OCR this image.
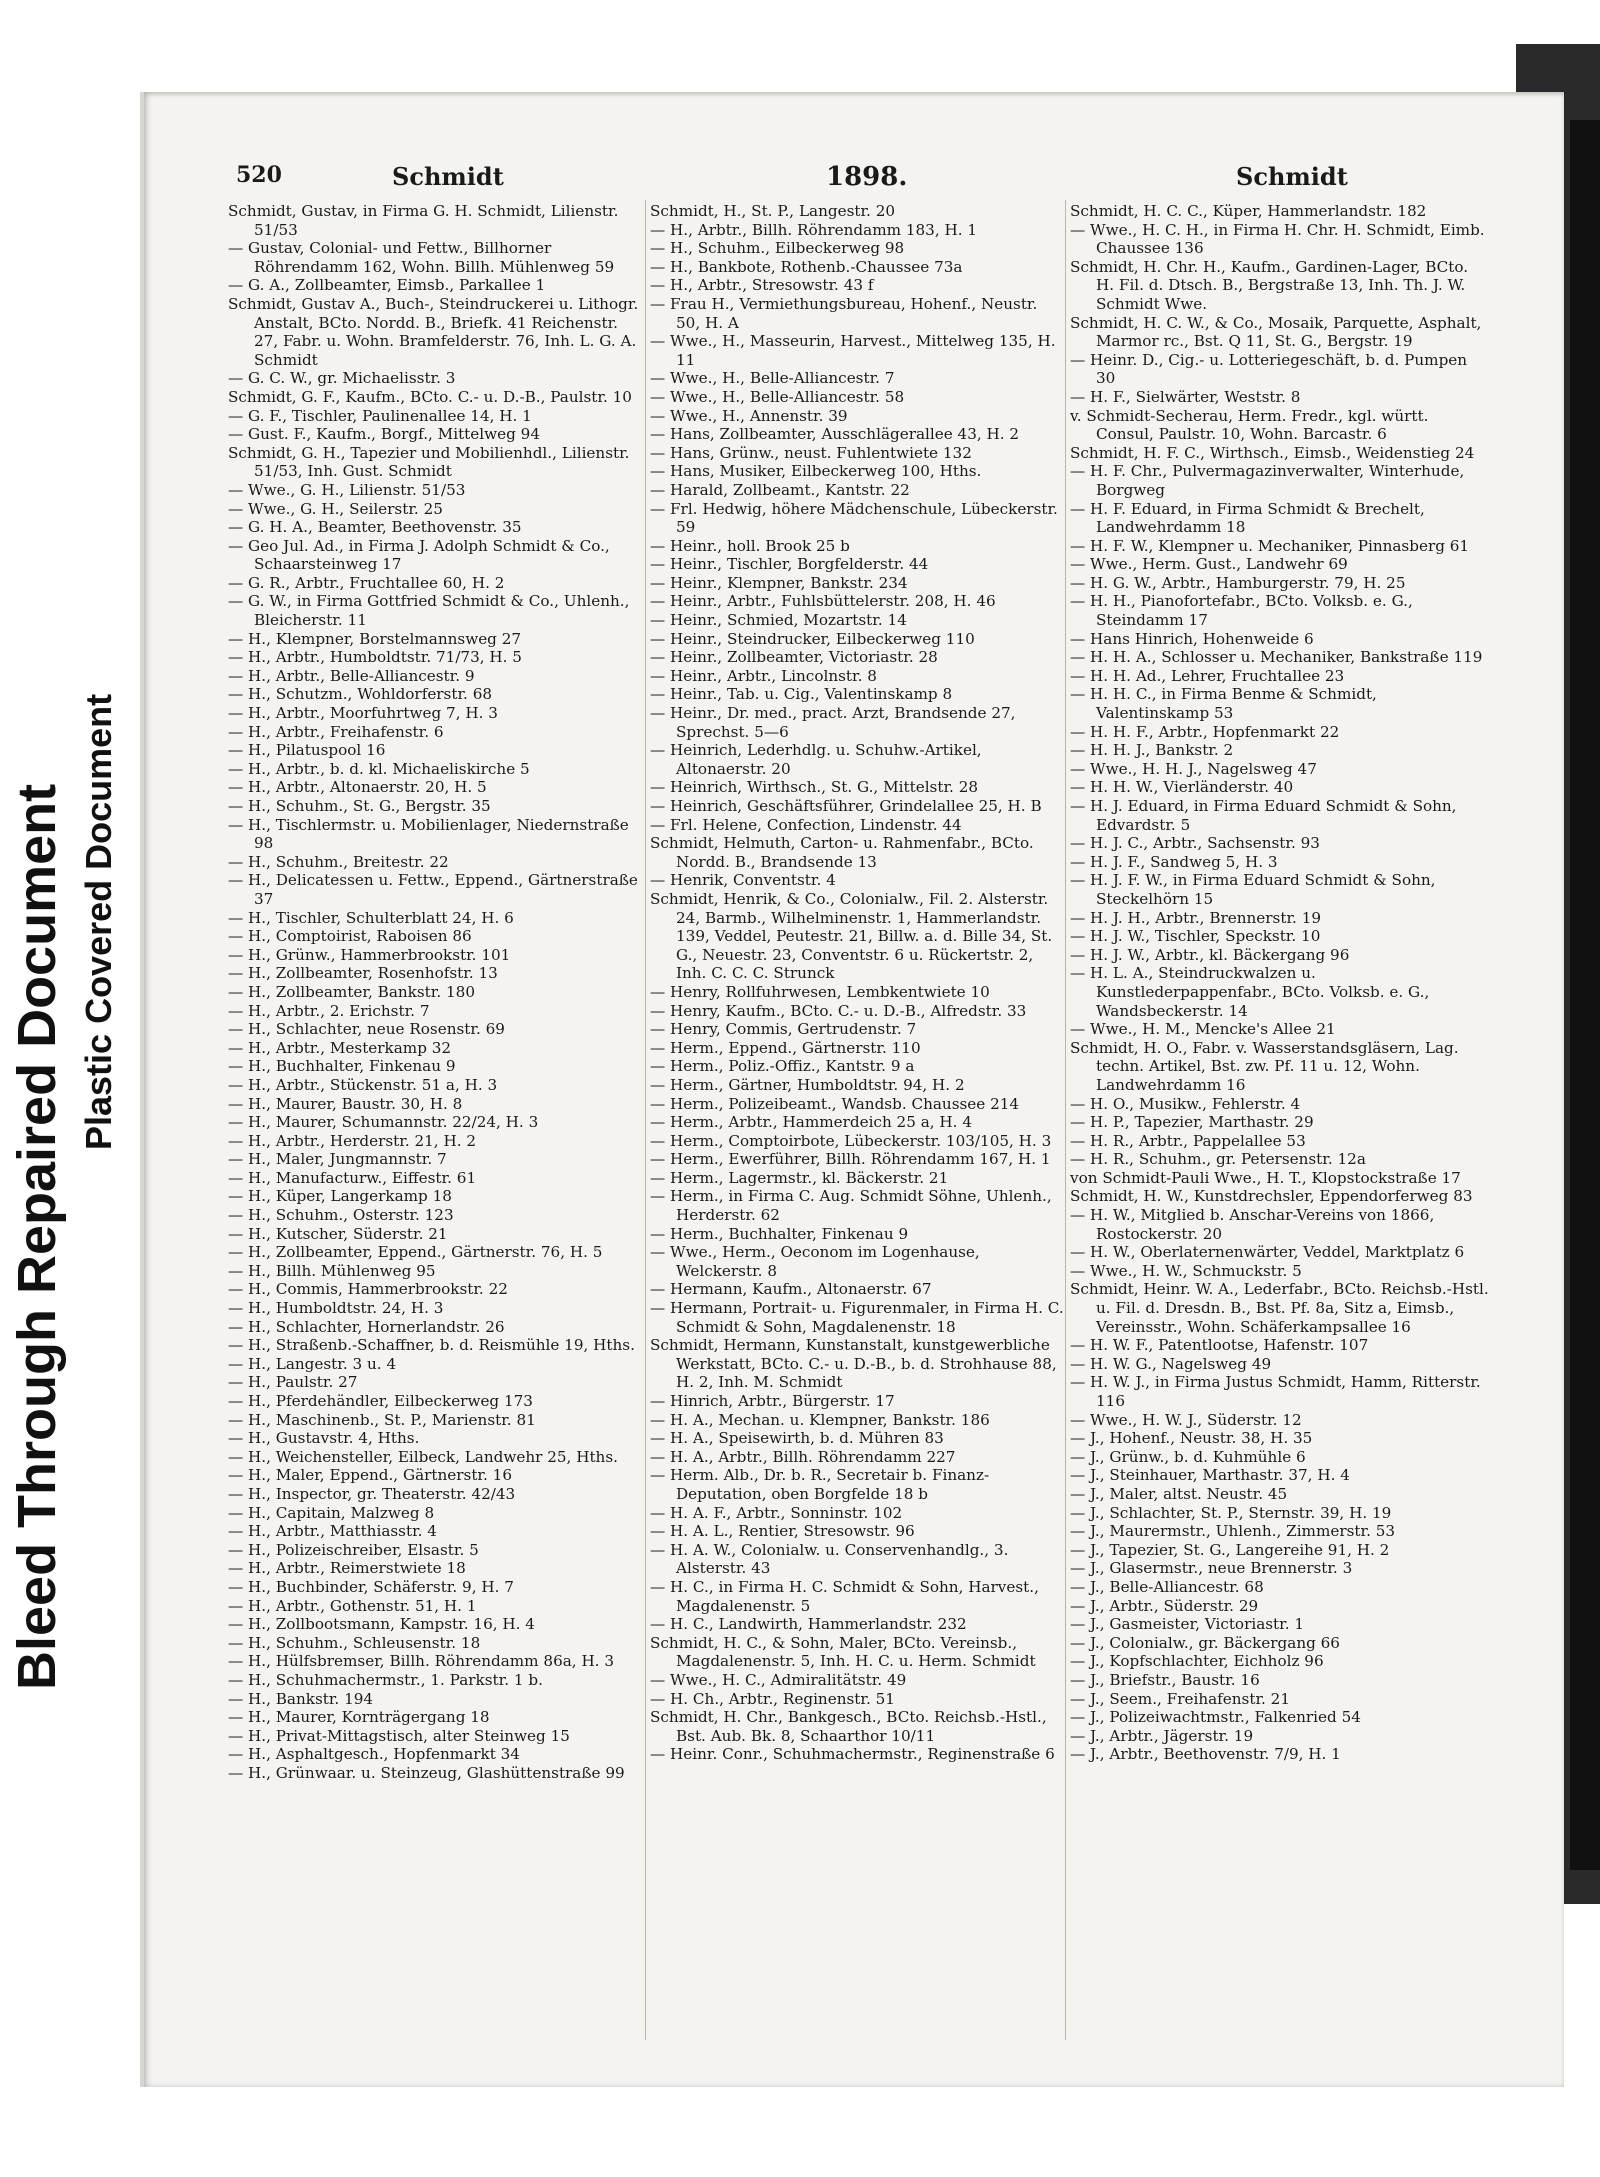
Bleed Through Repaired Document Plastic Covered Document
520	Schmidt	1898.	Schmidt

Schmidt, Gustav, in Firma G. H. Schmidt, Lilienstr. 51/53

— Gustav, Colonial- und Fettw., Billhorner Röhrendamm 162, Wohn. Billh. Mühlenweg 59

— G. A., Zollbeamter, Eimsb., Parkallee 1

Schmidt, Gustav A., Buch-, Steindruckerei u. Lithogr. Anstalt, BCto. Nordd. B., Briefk. 41 Reichenstr. 27, Fabr. u. Wohn. Bramfelderstr. 76, Inh. L. G. A. Schmidt

— G. C. W., gr. Michaelisstr. 3

Schmidt, G. F., Kaufm., BCto. C.- u. D.-B., Paulstr. 10

— G. F., Tischler, Paulinenallee 14, H. 1

— Gust. F., Kaufm., Borgf., Mittelweg 94

Schmidt, G. H., Tapezier und Mobilienhdl., Lilienstr. 51/53, Inh. Gust. Schmidt

— Wwe., G. H., Lilienstr. 51/53

— Wwe., G. H., Seilerstr. 25

— G. H. A., Beamter, Beethovenstr. 35

— Geo Jul. Ad., in Firma J. Adolph Schmidt & Co., Schaarsteinweg 17

— G. R., Arbtr., Fruchtallee 60, H. 2

— G. W., in Firma Gottfried Schmidt & Co., Uhlenh., Bleicherstr. 11

— H., Klempner, Borstelmannsweg 27

— H., Arbtr., Humboldtstr. 71/73, H. 5

— H., Arbtr., Belle-Alliancestr. 9

— H., Schutzm., Wohldorferstr. 68

— H., Arbtr., Moorfuhrtweg 7, H. 3

— H., Arbtr., Freihafenstr. 6

— H., Pilatuspool 16

— H., Arbtr., b. d. kl. Michaeliskirche 5

— H., Arbtr., Altonaerstr. 20, H. 5

— H., Schuhm., St. G., Bergstr. 35

— H., Tischlermstr. u. Mobilienlager, Niedernstraße 98

— H., Schuhm., Breitestr. 22

— H., Delicatessen u. Fettw., Eppend., Gärtnerstraße 37

— H., Tischler, Schulterblatt 24, H. 6

— H., Comptoirist, Raboisen 86

— H., Grünw., Hammerbrookstr. 101

— H., Zollbeamter, Rosenhofstr. 13

— H., Zollbeamter, Bankstr. 180

— H., Arbtr., 2. Erichstr. 7

— H., Schlachter, neue Rosenstr. 69

— H., Arbtr., Mesterkamp 32

— H., Buchhalter, Finkenau 9

— H., Arbtr., Stückenstr. 51 a, H. 3

— H., Maurer, Baustr. 30, H. 8

— H., Maurer, Schumannstr. 22/24, H. 3

— H., Arbtr., Herderstr. 21, H. 2

— H., Maler, Jungmannstr. 7

— H., Manufacturw., Eiffestr. 61

— H., Küper, Langerkamp 18

— H., Schuhm., Osterstr. 123

— H., Kutscher, Süderstr. 21

— H., Zollbeamter, Eppend., Gärtnerstr. 76, H. 5

— H., Billh. Mühlenweg 95

— H., Commis, Hammerbrookstr. 22

— H., Humboldtstr. 24, H. 3

— H., Schlachter, Hornerlandstr. 26

— H., Straßenb.-Schaffner, b. d. Reismühle 19, Hths.

— H., Langestr. 3 u. 4

— H., Paulstr. 27

— H., Pferdehändler, Eilbeckerweg 173

— H., Maschinenb., St. P., Marienstr. 81

— H., Gustavstr. 4, Hths.

— H., Weichensteller, Eilbeck, Landwehr 25, Hths.

— H., Maler, Eppend., Gärtnerstr. 16

— H., Inspector, gr. Theaterstr. 42/43

— H., Capitain, Malzweg 8

— H., Arbtr., Matthiasstr. 4

— H., Polizeischreiber, Elsastr. 5

— H., Arbtr., Reimerstwiete 18

— H., Buchbinder, Schäferstr. 9, H. 7

— H., Arbtr., Gothenstr. 51, H. 1

— H., Zollbootsmann, Kampstr. 16, H. 4

— H., Schuhm., Schleusenstr. 18

— H., Hülfsbremser, Billh. Röhrendamm 86a, H. 3

— H., Schuhmachermstr., 1. Parkstr. 1 b.

— H., Bankstr. 194

— H., Maurer, Kornträgergang 18

— H., Privat-Mittagstisch, alter Steinweg 15

— H., Asphaltgesch., Hopfenmarkt 34

— H., Grünwaar. u. Steinzeug, Glashüttenstraße 99

Schmidt, H., St. P., Langestr. 20

— H., Arbtr., Billh. Röhrendamm 183, H. 1

— H., Schuhm., Eilbeckerweg 98

— H., Bankbote, Rothenb.-Chaussee 73a

— H., Arbtr., Stresowstr. 43 f

— Frau H., Vermiethungsbureau, Hohenf., Neustr. 50, H. A

— Wwe., H., Masseurin, Harvest., Mittelweg 135, H. 11

— Wwe., H., Belle-Alliancestr. 7

— Wwe., H., Belle-Alliancestr. 58

— Wwe., H., Annenstr. 39

— Hans, Zollbeamter, Ausschlägerallee 43, H. 2

— Hans, Grünw., neust. Fuhlentwiete 132

— Hans, Musiker, Eilbeckerweg 100, Hths.

— Harald, Zollbeamt., Kantstr. 22

— Frl. Hedwig, höhere Mädchenschule, Lübeckerstr. 59

— Heinr., holl. Brook 25 b

— Heinr., Tischler, Borgfelderstr. 44

— Heinr., Klempner, Bankstr. 234

— Heinr., Arbtr., Fuhlsbüttelerstr. 208, H. 46

— Heinr., Schmied, Mozartstr. 14

— Heinr., Steindrucker, Eilbeckerweg 110

— Heinr., Zollbeamter, Victoriastr. 28

— Heinr., Arbtr., Lincolnstr. 8

— Heinr., Tab. u. Cig., Valentinskamp 8

— Heinr., Dr. med., pract. Arzt, Brandsende 27, Sprechst. 5—6

— Heinrich, Lederhdlg. u. Schuhw.-Artikel, Altonaerstr. 20

— Heinrich, Wirthsch., St. G., Mittelstr. 28

— Heinrich, Geschäftsführer, Grindelallee 25, H. B

— Frl. Helene, Confection, Lindenstr. 44

Schmidt, Helmuth, Carton- u. Rahmenfabr., BCto. Nordd. B., Brandsende 13

— Henrik, Conventstr. 4

Schmidt, Henrik, & Co., Colonialw., Fil. 2. Alsterstr. 24, Barmb., Wilhelminenstr. 1, Hammerlandstr. 139, Veddel, Peutestr. 21, Billw. a. d. Bille 34, St. G., Neuestr. 23, Conventstr. 6 u. Rückertstr. 2, Inh. C. C. C. Strunck

— Henry, Rollfuhrwesen, Lembkentwiete 10

— Henry, Kaufm., BCto. C.- u. D.-B., Alfredstr. 33

— Henry, Commis, Gertrudenstr. 7

— Herm., Eppend., Gärtnerstr. 110

— Herm., Poliz.-Offiz., Kantstr. 9 a

— Herm., Gärtner, Humboldtstr. 94, H. 2

— Herm., Polizeibeamt., Wandsb. Chaussee 214

— Herm., Arbtr., Hammerdeich 25 a, H. 4

— Herm., Comptoirbote, Lübeckerstr. 103/105, H. 3

— Herm., Ewerführer, Billh. Röhrendamm 167, H. 1

— Herm., Lagermstr., kl. Bäckerstr. 21

— Herm., in Firma C. Aug. Schmidt Söhne, Uhlenh., Herderstr. 62

— Herm., Buchhalter, Finkenau 9

— Wwe., Herm., Oeconom im Logenhause, Welckerstr. 8

— Hermann, Kaufm., Altonaerstr. 67

— Hermann, Portrait- u. Figurenmaler, in Firma H. C. Schmidt & Sohn, Magdalenenstr. 18

Schmidt, Hermann, Kunstanstalt, kunstgewerbliche Werkstatt, BCto. C.- u. D.-B., b. d. Strohhause 88, H. 2, Inh. M. Schmidt

— Hinrich, Arbtr., Bürgerstr. 17

— H. A., Mechan. u. Klempner, Bankstr. 186

— H. A., Speisewirth, b. d. Mühren 83

— H. A., Arbtr., Billh. Röhrendamm 227

— Herm. Alb., Dr. b. R., Secretair b. Finanz-Deputation, oben Borgfelde 18 b

— H. A. F., Arbtr., Sonninstr. 102

— H. A. L., Rentier, Stresowstr. 96

— H. A. W., Colonialw. u. Conservenhandlg., 3. Alsterstr. 43

— H. C., in Firma H. C. Schmidt & Sohn, Harvest., Magdalenenstr. 5

— H. C., Landwirth, Hammerlandstr. 232

Schmidt, H. C., & Sohn, Maler, BCto. Vereinsb., Magdalenenstr. 5, Inh. H. C. u. Herm. Schmidt

— Wwe., H. C., Admiralitätstr. 49

— H. Ch., Arbtr., Reginenstr. 51

Schmidt, H. Chr., Bankgesch., BCto. Reichsb.-Hstl., Bst. Aub. Bk. 8, Schaarthor 10/11

— Heinr. Conr., Schuhmachermstr., Reginenstraße 6

Schmidt, H. C. C., Küper, Hammerlandstr. 182

— Wwe., H. C. H., in Firma H. Chr. H. Schmidt, Eimb. Chaussee 136

Schmidt, H. Chr. H., Kaufm., Gardinen-Lager, BCto. H. Fil. d. Dtsch. B., Bergstraße 13, Inh. Th. J. W. Schmidt Wwe.

Schmidt, H. C. W., & Co., Mosaik, Parquette, Asphalt, Marmor rc., Bst. Q 11, St. G., Bergstr. 19

— Heinr. D., Cig.- u. Lotteriegeschäft, b. d. Pumpen 30

— H. F., Sielwärter, Weststr. 8

v. Schmidt-Secherau, Herm. Fredr., kgl. württ. Consul, Paulstr. 10, Wohn. Barcastr. 6

Schmidt, H. F. C., Wirthsch., Eimsb., Weidenstieg 24

— H. F. Chr., Pulvermagazinverwalter, Winterhude, Borgweg

— H. F. Eduard, in Firma Schmidt & Brechelt, Landwehrdamm 18

— H. F. W., Klempner u. Mechaniker, Pinnasberg 61

— Wwe., Herm. Gust., Landwehr 69

— H. G. W., Arbtr., Hamburgerstr. 79, H. 25

— H. H., Pianofortefabr., BCto. Volksb. e. G., Steindamm 17

— Hans Hinrich, Hohenweide 6

— H. H. A., Schlosser u. Mechaniker, Bankstraße 119

— H. H. Ad., Lehrer, Fruchtallee 23

— H. H. C., in Firma Benme & Schmidt, Valentinskamp 53

— H. H. F., Arbtr., Hopfenmarkt 22

— H. H. J., Bankstr. 2

— Wwe., H. H. J., Nagelsweg 47

— H. H. W., Vierländerstr. 40

— H. J. Eduard, in Firma Eduard Schmidt & Sohn, Edvardstr. 5

— H. J. C., Arbtr., Sachsenstr. 93

— H. J. F., Sandweg 5, H. 3

— H. J. F. W., in Firma Eduard Schmidt & Sohn, Steckelhörn 15

— H. J. H., Arbtr., Brennerstr. 19

— H. J. W., Tischler, Speckstr. 10

— H. J. W., Arbtr., kl. Bäckergang 96

— H. L. A., Steindruckwalzen u. Kunstlederpappenfabr., BCto. Volksb. e. G., Wandsbeckerstr. 14

— Wwe., H. M., Mencke's Allee 21

Schmidt, H. O., Fabr. v. Wasserstandsgläsern, Lag. techn. Artikel, Bst. zw. Pf. 11 u. 12, Wohn. Landwehrdamm 16

— H. O., Musikw., Fehlerstr. 4

— H. P., Tapezier, Marthastr. 29

— H. R., Arbtr., Pappelallee 53

— H. R., Schuhm., gr. Petersenstr. 12a

von Schmidt-Pauli Wwe., H. T., Klopstockstraße 17

Schmidt, H. W., Kunstdrechsler, Eppendorferweg 83

— H. W., Mitglied b. Anschar-Vereins von 1866, Rostockerstr. 20

— H. W., Oberlaternenwärter, Veddel, Marktplatz 6

— Wwe., H. W., Schmuckstr. 5

Schmidt, Heinr. W. A., Lederfabr., BCto. Reichsb.-Hstl. u. Fil. d. Dresdn. B., Bst. Pf. 8a, Sitz a, Eimsb., Vereinsstr., Wohn. Schäferkampsallee 16

— H. W. F., Patentlootse, Hafenstr. 107

— H. W. G., Nagelsweg 49

— H. W. J., in Firma Justus Schmidt, Hamm, Ritterstr. 116

— Wwe., H. W. J., Süderstr. 12

— J., Hohenf., Neustr. 38, H. 35

— J., Grünw., b. d. Kuhmühle 6

— J., Steinhauer, Marthastr. 37, H. 4

— J., Maler, altst. Neustr. 45

— J., Schlachter, St. P., Sternstr. 39, H. 19

— J., Maurermstr., Uhlenh., Zimmerstr. 53

— J., Tapezier, St. G., Langereihe 91, H. 2

— J., Glasermstr., neue Brennerstr. 3

— J., Belle-Alliancestr. 68

— J., Arbtr., Süderstr. 29

— J., Gasmeister, Victoriastr. 1

— J., Colonialw., gr. Bäckergang 66

— J., Kopfschlachter, Eichholz 96

— J., Briefstr., Baustr. 16

— J., Seem., Freihafenstr. 21

— J., Polizeiwachtmstr., Falkenried 54

— J., Arbtr., Jägerstr. 19

— J., Arbtr., Beethovenstr. 7/9, H. 1
